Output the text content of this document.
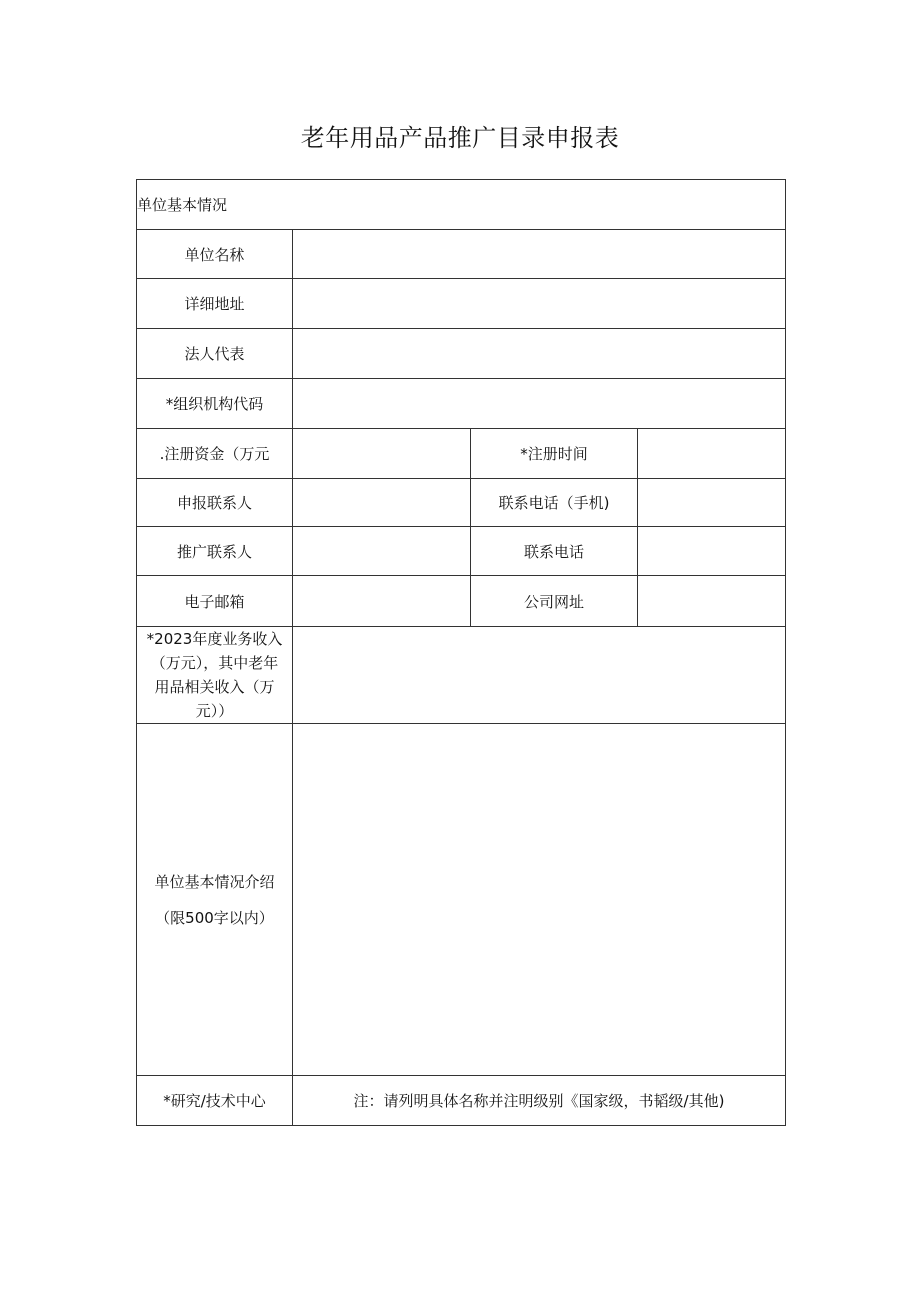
老年用品产品推广目录申报表
单位基本情况			
单位名秫			
详细地址			
法人代表			
*组织机构代码			
.注册资金（万元		*注册时间	
申报联系人		联系电话（手机)	
推广联系人		联系电话	
电子邮箱		公司网址	

*2023年度业务收入
（万元），其中老年
用品相关收入（万
元））			

单位基本情况介绍
（限500字以内）			

*研究/技术中心	注：请列明具体名称并注明级别《国家级，书韬级/其他)		
